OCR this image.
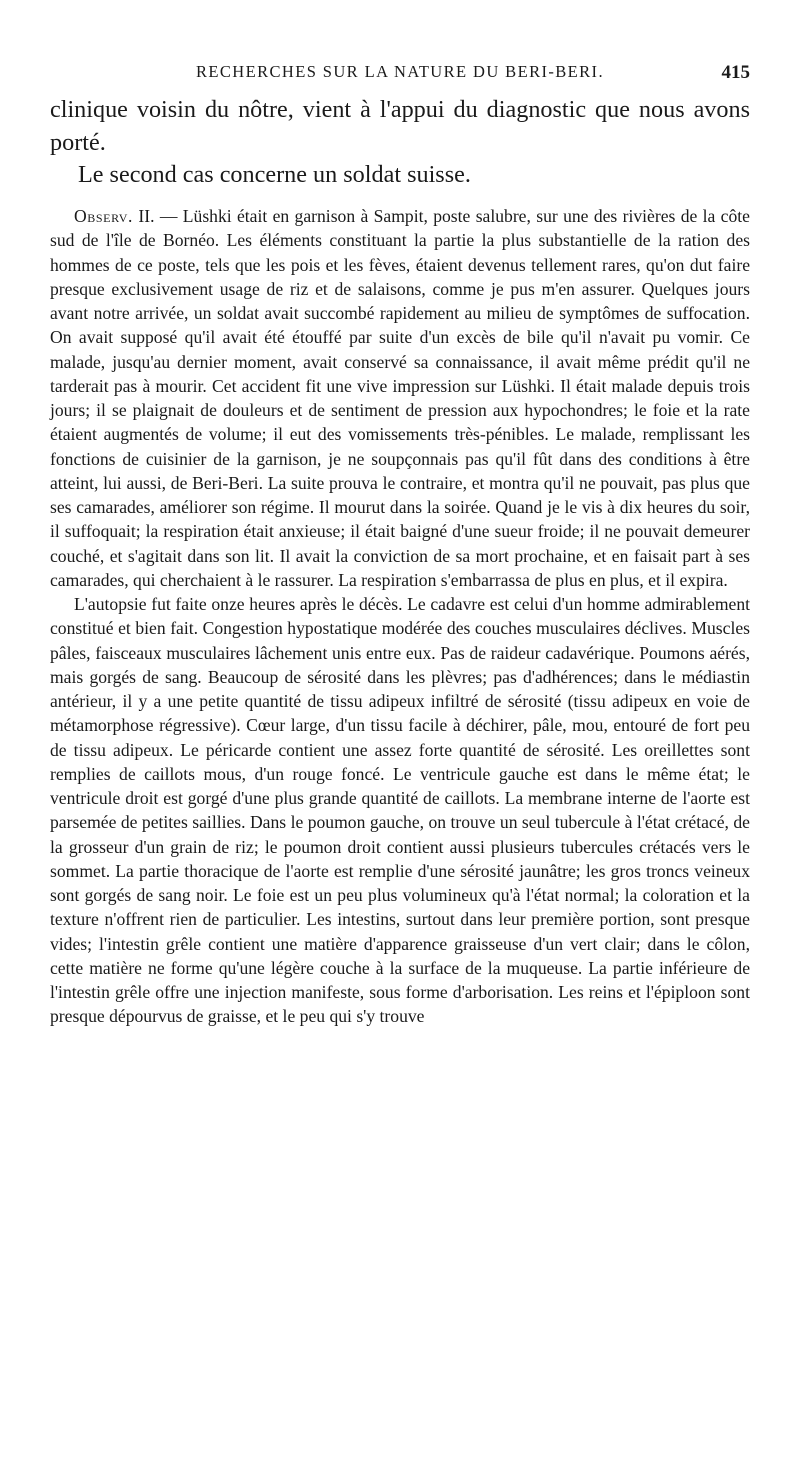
RECHERCHES SUR LA NATURE DU BERI-BERI.	415

clinique voisin du nôtre, vient à l'appui du diagnostic que nous avons porté.

Le second cas concerne un soldat suisse.

Observ. II. — Lüshki était en garnison à Sampit, poste salubre, sur une des rivières de la côte sud de l'île de Bornéo. Les éléments constituant la partie la plus substantielle de la ration des hommes de ce poste, tels que les pois et les fèves, étaient devenus tellement rares, qu'on dut faire presque exclusivement usage de riz et de salaisons, comme je pus m'en assurer. Quelques jours avant notre arrivée, un soldat avait succombé rapidement au milieu de symptômes de suffocation. On avait supposé qu'il avait été étouffé par suite d'un excès de bile qu'il n'avait pu vomir. Ce malade, jusqu'au dernier moment, avait conservé sa connaissance, il avait même prédit qu'il ne tarderait pas à mourir. Cet accident fit une vive impression sur Lüshki. Il était malade depuis trois jours; il se plaignait de douleurs et de sentiment de pression aux hypochondres; le foie et la rate étaient augmentés de volume; il eut des vomissements très-pénibles. Le malade, remplissant les fonctions de cuisinier de la garnison, je ne soupçonnais pas qu'il fût dans des conditions à être atteint, lui aussi, de Beri-Beri. La suite prouva le contraire, et montra qu'il ne pouvait, pas plus que ses camarades, améliorer son régime. Il mourut dans la soirée. Quand je le vis à dix heures du soir, il suffoquait; la respiration était anxieuse; il était baigné d'une sueur froide; il ne pouvait demeurer couché, et s'agitait dans son lit. Il avait la conviction de sa mort prochaine, et en faisait part à ses camarades, qui cherchaient à le rassurer. La respiration s'embarrassa de plus en plus, et il expira.

L'autopsie fut faite onze heures après le décès. Le cadavre est celui d'un homme admirablement constitué et bien fait. Congestion hypostatique modérée des couches musculaires déclives. Muscles pâles, faisceaux musculaires lâchement unis entre eux. Pas de raideur cadavérique. Poumons aérés, mais gorgés de sang. Beaucoup de sérosité dans les plèvres; pas d'adhérences; dans le médiastin antérieur, il y a une petite quantité de tissu adipeux infiltré de sérosité (tissu adipeux en voie de métamorphose régressive). Cœur large, d'un tissu facile à déchirer, pâle, mou, entouré de fort peu de tissu adipeux. Le péricarde contient une assez forte quantité de sérosité. Les oreillettes sont remplies de caillots mous, d'un rouge foncé. Le ventricule gauche est dans le même état; le ventricule droit est gorgé d'une plus grande quantité de caillots. La membrane interne de l'aorte est parsemée de petites saillies. Dans le poumon gauche, on trouve un seul tubercule à l'état crétacé, de la grosseur d'un grain de riz; le poumon droit contient aussi plusieurs tubercules crétacés vers le sommet. La partie thoracique de l'aorte est remplie d'une sérosité jaunâtre; les gros troncs veineux sont gorgés de sang noir. Le foie est un peu plus volumineux qu'à l'état normal; la coloration et la texture n'offrent rien de particulier. Les intestins, surtout dans leur première portion, sont presque vides; l'intestin grêle contient une matière d'apparence graisseuse d'un vert clair; dans le côlon, cette matière ne forme qu'une légère couche à la surface de la muqueuse. La partie inférieure de l'intestin grêle offre une injection manifeste, sous forme d'arborisation. Les reins et l'épiploon sont presque dépourvus de graisse, et le peu qui s'y trouve
